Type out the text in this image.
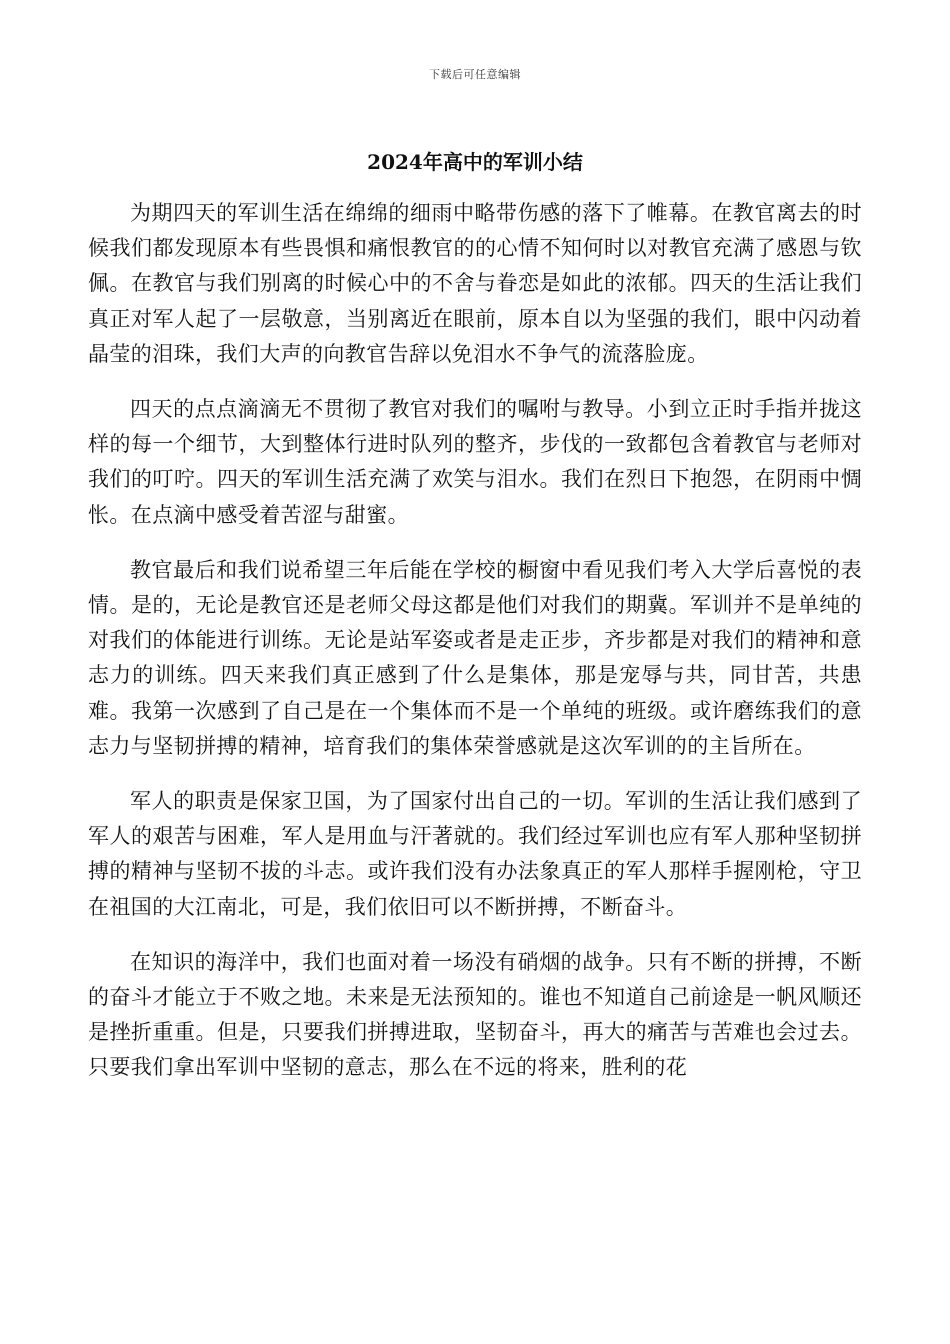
下载后可任意编辑
2024年高中的军训小结

为期四天的军训生活在绵绵的细雨中略带伤感的落下了帷幕。在教官离去的时候我们都发现原本有些畏惧和痛恨教官的的心情不知何时以对教官充满了感恩与钦佩。在教官与我们别离的时候心中的不舍与眷恋是如此的浓郁。四天的生活让我们真正对军人起了一层敬意，当别离近在眼前，原本自以为坚强的我们，眼中闪动着晶莹的泪珠，我们大声的向教官告辞以免泪水不争气的流落脸庞。

四天的点点滴滴无不贯彻了教官对我们的嘱咐与教导。小到立正时手指并拢这样的每一个细节，大到整体行进时队列的整齐，步伐的一致都包含着教官与老师对我们的叮咛。四天的军训生活充满了欢笑与泪水。我们在烈日下抱怨，在阴雨中惆怅。在点滴中感受着苦涩与甜蜜。

教官最后和我们说希望三年后能在学校的橱窗中看见我们考入大学后喜悦的表情。是的，无论是教官还是老师父母这都是他们对我们的期冀。军训并不是单纯的对我们的体能进行训练。无论是站军姿或者是走正步，齐步都是对我们的精神和意志力的训练。四天来我们真正感到了什么是集体，那是宠辱与共，同甘苦，共患难。我第一次感到了自己是在一个集体而不是一个单纯的班级。或许磨练我们的意志力与坚韧拼搏的精神，培育我们的集体荣誉感就是这次军训的的主旨所在。

军人的职责是保家卫国，为了国家付出自己的一切。军训的生活让我们感到了军人的艰苦与困难，军人是用血与汗著就的。我们经过军训也应有军人那种坚韧拼搏的精神与坚韧不拔的斗志。或许我们没有办法象真正的军人那样手握刚枪，守卫在祖国的大江南北，可是，我们依旧可以不断拼搏，不断奋斗。

在知识的海洋中，我们也面对着一场没有硝烟的战争。只有不断的拼搏，不断的奋斗才能立于不败之地。未来是无法预知的。谁也不知道自己前途是一帆风顺还是挫折重重。但是，只要我们拼搏进取，坚韧奋斗，再大的痛苦与苦难也会过去。只要我们拿出军训中坚韧的意志，那么在不远的将来，胜利的花
